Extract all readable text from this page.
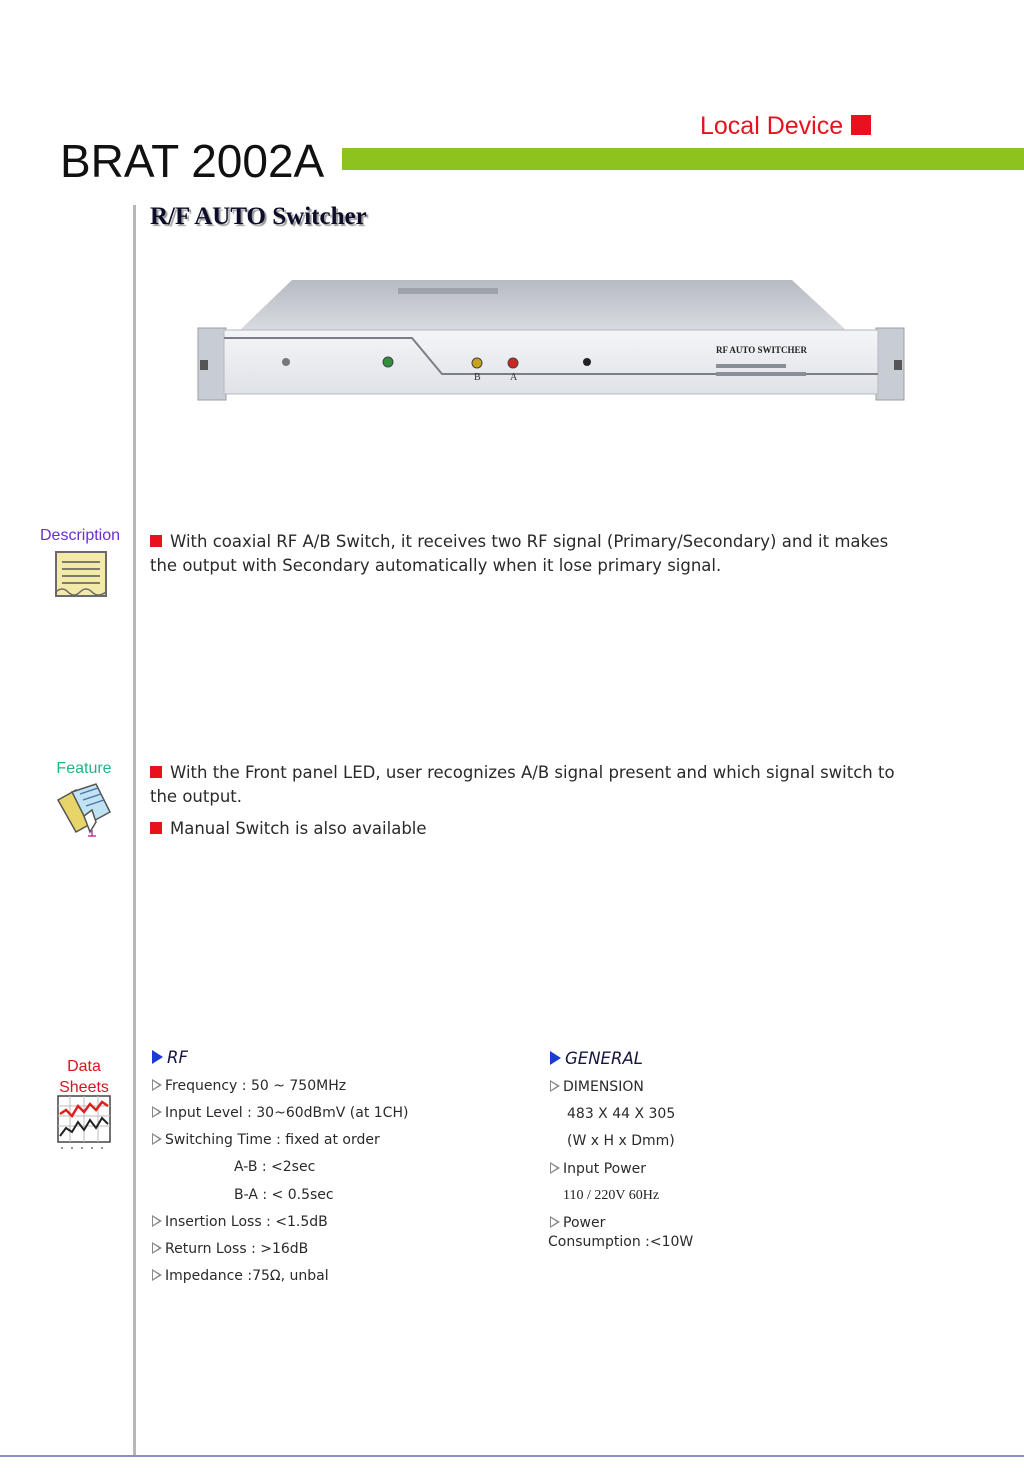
Local Device
BRAT 2002A
R/F AUTO Switcher
B	A
RF AUTO SWITCHER
Description	With coaxial RF A/B Switch, it receives two RF signal (Primary/Secondary) and it makes the output with Secondary automatically when it lose primary signal.
Feature	With the Front panel LED, user recognizes A/B signal present and which signal switch to the output.
Manual Switch is also available
Data
Sheets
RF
Frequency : 50 ~ 750MHz
Input Level : 30~60dBmV (at 1CH)
Switching Time : fixed at order
A-B : <2sec
B-A : < 0.5sec
Insertion Loss : <1.5dB
Return Loss : >16dB
Impedance :75Ω, unbal
GENERAL
DIMENSION
483 X 44 X 305
(W x H x Dmm)
Input Power
110 / 220V 60Hz
Power
Consumption :<10W
